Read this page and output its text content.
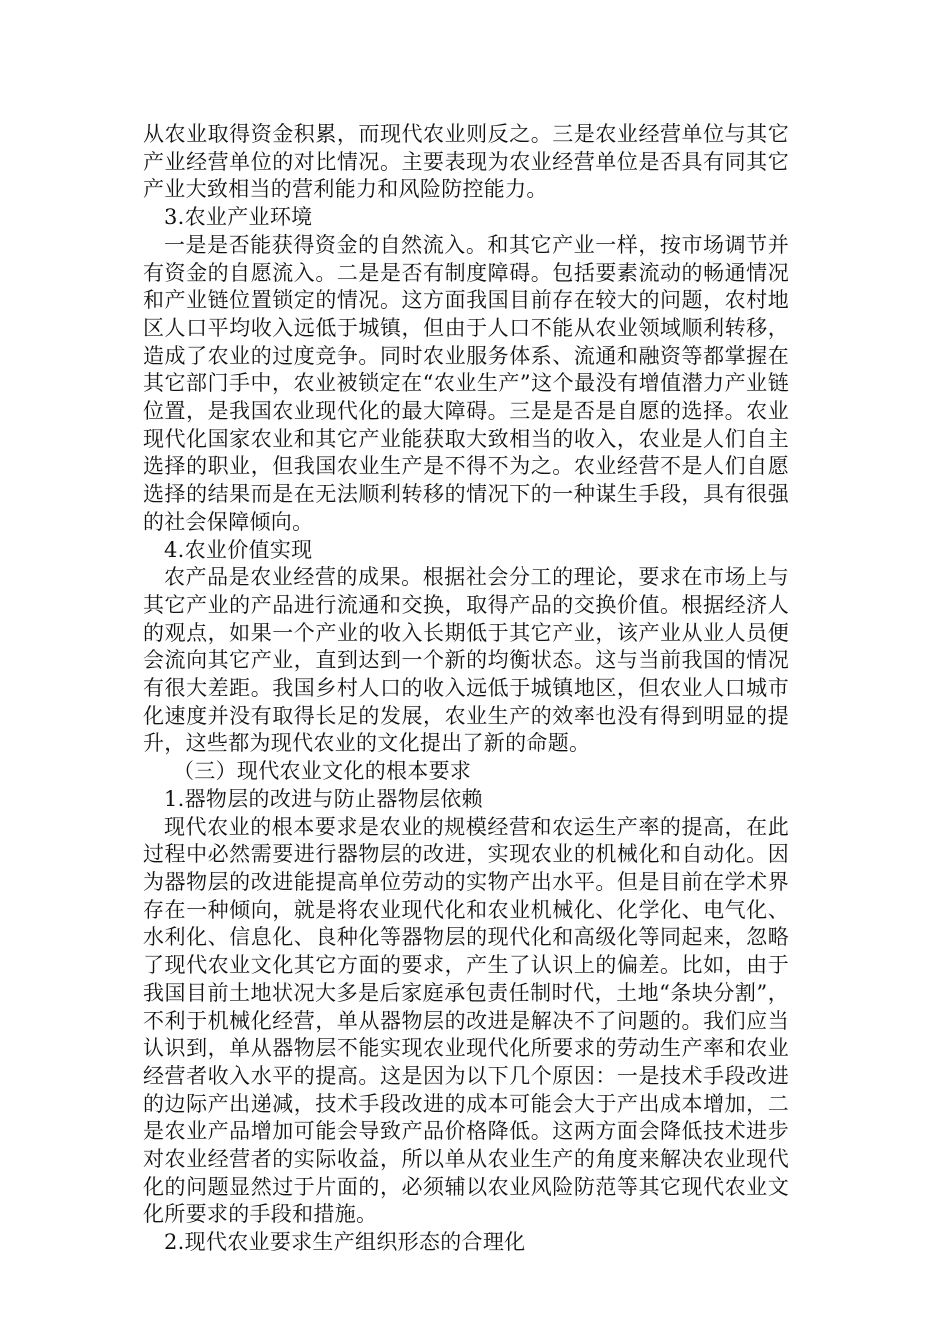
从农业取得资金积累，而现代农业则反之。三是农业经营单位与其它产业经营单位的对比情况。主要表现为农业经营单位是否具有同其它产业大致相当的营利能力和风险防控能力。

3.农业产业环境

一是是否能获得资金的自然流入。和其它产业一样，按市场调节并有资金的自愿流入。二是是否有制度障碍。包括要素流动的畅通情况和产业链位置锁定的情况。这方面我国目前存在较大的问题，农村地区人口平均收入远低于城镇，但由于人口不能从农业领域顺利转移，造成了农业的过度竞争。同时农业服务体系、流通和融资等都掌握在其它部门手中，农业被锁定在“农业生产”这个最没有增值潜力产业链位置，是我国农业现代化的最大障碍。三是是否是自愿的选择。农业现代化国家农业和其它产业能获取大致相当的收入，农业是人们自主选择的职业，但我国农业生产是不得不为之。农业经营不是人们自愿选择的结果而是在无法顺利转移的情况下的一种谋生手段，具有很强的社会保障倾向。

4.农业价值实现

农产品是农业经营的成果。根据社会分工的理论，要求在市场上与其它产业的产品进行流通和交换，取得产品的交换价值。根据经济人的观点，如果一个产业的收入长期低于其它产业，该产业从业人员便会流向其它产业，直到达到一个新的均衡状态。这与当前我国的情况有很大差距。我国乡村人口的收入远低于城镇地区，但农业人口城市化速度并没有取得长足的发展，农业生产的效率也没有得到明显的提升，这些都为现代农业的文化提出了新的命题。

（三）现代农业文化的根本要求

1.器物层的改进与防止器物层依赖

现代农业的根本要求是农业的规模经营和农运生产率的提高，在此过程中必然需要进行器物层的改进，实现农业的机械化和自动化。因为器物层的改进能提高单位劳动的实物产出水平。但是目前在学术界存在一种倾向，就是将农业现代化和农业机械化、化学化、电气化、水利化、信息化、良种化等器物层的现代化和高级化等同起来，忽略了现代农业文化其它方面的要求，产生了认识上的偏差。比如，由于我国目前土地状况大多是后家庭承包责任制时代，土地“条块分割”，不利于机械化经营，单从器物层的改进是解决不了问题的。我们应当认识到，单从器物层不能实现农业现代化所要求的劳动生产率和农业经营者收入水平的提高。这是因为以下几个原因：一是技术手段改进的边际产出递减，技术手段改进的成本可能会大于产出成本增加，二是农业产品增加可能会导致产品价格降低。这两方面会降低技术进步对农业经营者的实际收益，所以单从农业生产的角度来解决农业现代化的问题显然过于片面的，必须辅以农业风险防范等其它现代农业文化所要求的手段和措施。

2.现代农业要求生产组织形态的合理化
